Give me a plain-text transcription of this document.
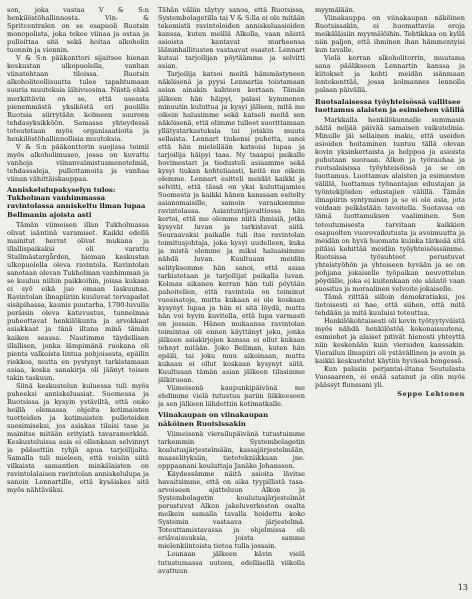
son, joka vastaa V & S:n henkilöstöhallinnosta. Vin- & Spritcentralen on se osapuoli Ruotsin monopolista, joka tekee viinaa ja ostaa ja pulloittaa sitä sekä hoitaa alkoholin tuonnin ja viennin.

V & S:n pääkonttori sijaitsee hienan keskustan ulkopuolella, vanhan viinatehtaan tiloissa. Ruotsin alkoholiteollisuutta tulee tapahtumaan suuria muutoksia lähivuosina. Niistä ehkä merkittävin on se, että useasta pienemmästä yksiköstä eri puolilla Ruotsia siirrytään kolmeen suureen tehdasyksikköön. Samassa yhteydessä toteutetaan myös organisaatioita ja henkilöstöhallinnollisia muutoksia.

V & S:n pääkonttorin suojissa toimii myös alkoholimuseo, jossa on kuvattu vanhoja viinanvalmistusmenetelmiä, tehdassaleja, pullottamoita ja vanhaa viinan vähittäiskauppaa.

Anniskelulupakyselyn tulos: Tukholman vanhimmassa ravintolassa anniskeltu ilman lupaa Bellmanin ajoista asti

Tämän viimeisen illan Tukholmassa olivat isäntinä varamiset. Kaikki edellä mainitut herrat olivat mukana ja illallispaikaksi oli varattu Stallmästargården, hieman keskustan ulkopuolella oleva ravintola. Ravintolan sanotaan olevan Tukholman vanhimman ja se kuuluu niihin paikkoihin, joissa kukaan ei syö eikä juo omaan laskuunsa. Ravintolan ilmapiiriin kuuluvat tervapadat sisäpihassa, kaunis puutarha, 1700-luvulla peräisin oleva katuvustus, tunnelmaa puheottavat henkilökunta ja arvokkaat asiakkaat ja tänä iltana minä tämän kaiken seassa. Nautimme täydellisen illallisen, jonka lämpimänä ruokana oli pienta valkoista lintua pohjoisesta, epäilin riekkoa, mutta en pystynyt tarkistamaan asiaa, koska sanakirja oli jäänyt toisen takin taskuun.

Siinä keskustelun kuluessa tuli myös puheeksi anniskeluasiat. Suomessa ja Ruotsissa ja kysyin ystäviltä, että onko heillä olemassa ohjeita kotimaisten tuotteiden ja kotimaisten pulloteiden suosimiseksi, jos asiakas tilaisi tase ja mainitse mitään erityistä tavaramerkkiä. Keskusteluissa asia ei ollenkaan selvinnyt ja pääsettiin tyhjä apua tarjoilijalta. Samalla tuli mieleen, että voisiin siitä vilkaista samantien minkälaisten on ravintolalaisen ravintolan anniskelulupa ja sanoin Lennartille, että kysäiskes sitä myös nähtäväksi.

Tähän väliin täytyy sanoa, että Ruotsissa, Systembolagetilla tai V & S:lla ei ole mitään tekemistä ravintoloiden anniskeluasioiden kanssa, kuten meillä Alkolla, vaan näistä asioista kantavat murheensa lääninhallitusten vastaavat osastot. Lennart kutsui tarjoilijan pöytäämme ja selvitti asian.

Tarjoilija katsoi meitä hämmästyneen näköisenä ja pyysi Lennartia toistamaan asian ainakin kahteen kertaan. Tämän jälkeen hän häipyi, palasi kymmenen minuutin kuluttua ja kysyi jälleen, mitä me oikein halusimme sekä katseli meitä sen näköisenä, että olimme tulleet suorittamaan yllätystarkastuksia tai jotakin muuta sellaista. Lennart tiukensi puhetta, sanoi että hän mielellään katsoisi lupaa ja tarjoilija häipyi taas. Ny tsaapui paikalle hovimestari ja tiedusteli asiaamme sekä kysyi tiukan kohteliaasti, keitä me oikein olemme. Lennart esitteli meidät kaikki ja selvitti, että tässä on yksi kuluttajamies Suomesta ja kaikki hänen kanssaan esitelty asianomaisille, samoin varauksemme ravintolassa. Asiantuntijavaltiossa hän kertoi, että me olemme niitä ihmisiä, jotka kysyvät luvan ja tarkistavat siitä. Seuraavaksi paikalle tuli itse ravintolan toimitusjohtaja, joka kysyi uudelleen, kuka ja mistä olemme ja miksi haluaisimme nähdä luvan. Kuultuaan meidän selityksemme hän sanoi, että asiaa tarkistetaan ja tarjoilijat paikalla luvan. Kolmas aikanen kerran hän tuli pöytään pahoitellen, että ravintola on toiminut vuosisatoja, mutta kukaan ei ole koskaan kysynyt lupaa ja hän ei sitä löydä, mutta hän voi hyvin kuvitella, että lupa varmasti on jossain. Hänen mukaansa ravintolan toimintaa oli ennen käyttänyt joku, jonka jälkeen asiakirjojen kanssa ei ollut kukaan tehnyt mitään. Joko Bellman, kuten hän epäili, tai joku muu aikoinaan, mutta kukaan ei ollut koskaan kysynyt siitä. Kuultuaan tämän asian jälkeen tilasimme jälkiruoan.

Viimeisenä kaupunkipäivänä me ehdimme vielä tutustua pariin liikkeeseen ja sen jälkeen lähdettiin kotimatkalle.

Viinakaupan on viinakaupan näköinen Ruotsissakin

Viimeisenä vierailupäivänä tutustuimme tarkemmin Systembolagetin koulutusjärjestelmään, kassajärjestelmään, maaselityksiin, tietotekniikkaan jne. opppaanani kouluttaja Janäke Johansson.

Käydessämme näitä asioita lävitse havaitsimme, että on aika tyypillistä tasa-arvoiseen ajatteluun Alkon ja Systembolagetin koulutusjärjestelmät perustuvat Alkon jakeluverkoston osalta melkein samalla tavalla hoidettu koko Systemin vastaava järjestelmä. Toteuttamistavassa ja ohjelmissa oli eriävaisuuksia, joista samme mielenkiintoista tietoa tulla jossain.

Lounaan jälkeen kävin vielä tutustumassa uuteen, edellisellä viikolla avattuun

myymälään.

Viinakauppa on viinakaupan näköinen Ruotsissakin, ei huomattavia eroja meikäläisiin myymälöihin. Tehtikkaa on kyllä niin paljon, että ihminen ihan hämmentyisi kun tavalle.

Vielä kerran alkoholitorrin, muutama sana päälikseen Lennartin kanssa ja kiitokset ja kohti meidän isänmaan lentokenttää, jossa kolmannes lennolla palaan päivällä.

Ruotsalaisessa työyhteisössä vallitsee luottamus alaisten ja esimiehen välillä

Markkalla henkilökunnalle summasin näitä neljää päivää samaisen vaikutelmia. Minulle jäi sellainen maku, että useiden asioiden hoitaminen tuntuu tällä olevan kovin yksinkertaista ja helppoa ja asioista puhutaan suoraan. Alkon ja työrauhaa ja ruotsalaisissa työyhteisöissä ja se on luottamus. Luottamus alaisten ja esimiesten välillä, luottamus työnantajan edustajan ja työntekijöiden edustajien välillä. Tämän ilmapiirin syntyminen ja se ei ole asia, jota voidaan pelkästään tavoitella. Suotavaa on tämä luottamuksen vaaliminen. Sen toteutumisesta tarvitaan kaikkien osapuolten vuorovaikutusta ja avoimuutta ja meidän on hyvä huomata kuinka tärkeää sitä pitäisi kehittää meidän työyhteisöissämme. Ruotsissa työsuhteet perustuvat yhteistyöhön ja yhteiseen hyvään ja se on pohjana jokaiselle työpaikan neuvottelun pöydälle, joka ei kuitenkaan ole sääntö vaan suositus ja moraalinen velvoite jokaiselle.

Tämä riittää silloin demokratiaksi, jos tietoisesti ei hae, että siihen, että mitä tehdään ja mitä kuuluisi toteuttaa.

Henkilökohtaisesti oli kovin työtyytyväistä myös nähdä henkilöstöä kokonaisuutena, esimiehet ja alaiset pitivät hienosti yhteyttä niin keskenään kuin vieraiden kanssakin. Vierailun ilmapiiri oli ystävällinen ja avoin ja kaikki keskustelut käytiin hyvässä hengessä.

Kun palasin perjantai-iltana Seutulasta Vuosaareen, ei enää satanut ja olin myös päässyt flunssani yli.

Seppo Lehtonen

13
